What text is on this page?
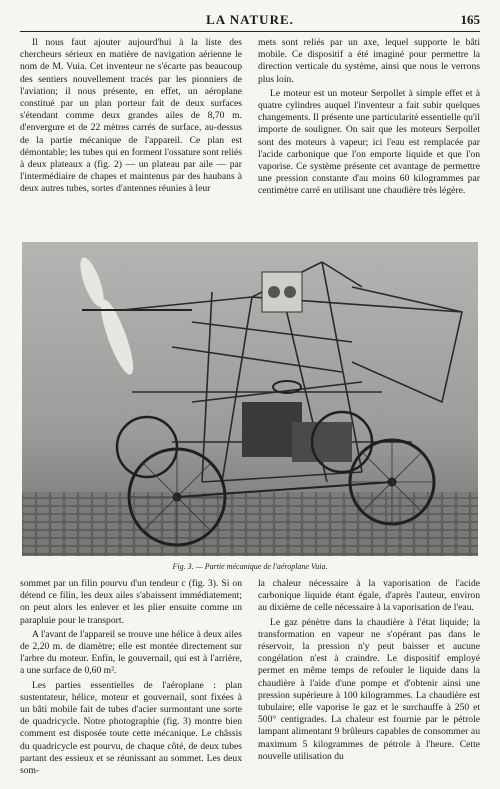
LA NATURE.	165

Il nous faut ajouter aujourd'hui à la liste des chercheurs sérieux en matière de navigation aérienne le nom de M. Vuia. Cet inventeur ne s'écarte pas beaucoup des sentiers nouvellement tracés par les pionniers de l'aviation; il nous présente, en effet, un aéroplane constitué par un plan porteur fait de deux surfaces s'étendant comme deux grandes ailes de 8,70 m. d'envergure et de 22 mètres carrés de surface, au-dessus de la partie mécanique de l'appareil. Ce plan est démontable; les tubes qui en forment l'ossature sont reliés à deux plateaux a (fig. 2) — un plateau par aile — par l'intermédiaire de chapes et maintenus par des haubans à deux autres tubes, sortes d'antennes réunies à leur

mets sont reliés par un axe, lequel supporte le bâti mobile. Ce dispositif a été imaginé pour permettre la direction verticale du système, ainsi que nous le verrons plus loin.

Le moteur est un moteur Serpollet à simple effet et à quatre cylindres auquel l'inventeur a fait subir quelques changements. Il présente une particularité essentielle qu'il importe de souligner. On sait que les moteurs Serpollet sont des moteurs à vapeur; ici l'eau est remplacée par l'acide carbonique que l'on emporte liquide et que l'on vaporise. Ce système présente cet avantage de permettre une pression constante d'au moins 60 kilogrammes par centimètre carré en utilisant une chaudière très légère.

Fig. 3. — Partie mécanique de l'aéroplane Vuia.

sommet par un filin pourvu d'un tendeur c (fig. 3). Si on détend ce filin, les deux ailes s'abaissent immédiatement; on peut alors les enlever et les plier ensuite comme un parapluie pour le transport.

A l'avant de l'appareil se trouve une hélice à deux ailes de 2,20 m. de diamètre; elle est montée directement sur l'arbre du moteur. Enfin, le gouvernail, qui est à l'arrière, a une surface de 0,60 m².

Les parties essentielles de l'aéroplane : plan sustentateur, hélice, moteur et gouvernail, sont fixées à un bâti mobile fait de tubes d'acier surmontant une sorte de quadricycle. Notre photographie (fig. 3) montre bien comment est disposée toute cette mécanique. Le châssis du quadricycle est pourvu, de chaque côté, de deux tubes partant des essieux et se réunissant au sommet. Les deux som-

la chaleur nécessaire à la vaporisation de l'acide carbonique liquide étant égale, d'après l'auteur, environ au dixième de celle nécessaire à la vaporisation de l'eau.

Le gaz pénètre dans la chaudière à l'état liquide; la transformation en vapeur ne s'opérant pas dans le réservoir, la pression n'y peut baisser et aucune congélation n'est à craindre. Le dispositif employé permet en même temps de refouler le liquide dans la chaudière à l'aide d'une pompe et d'obtenir ainsi une pression supérieure à 100 kilogrammes. La chaudière est tubulaire; elle vaporise le gaz et le surchauffe à 250 et 500° centigrades. La chaleur est fournie par le pétrole lampant alimentant 9 brûleurs capables de consommer au maximum 5 kilogrammes de pétrole à l'heure. Cette nouvelle utilisation du
